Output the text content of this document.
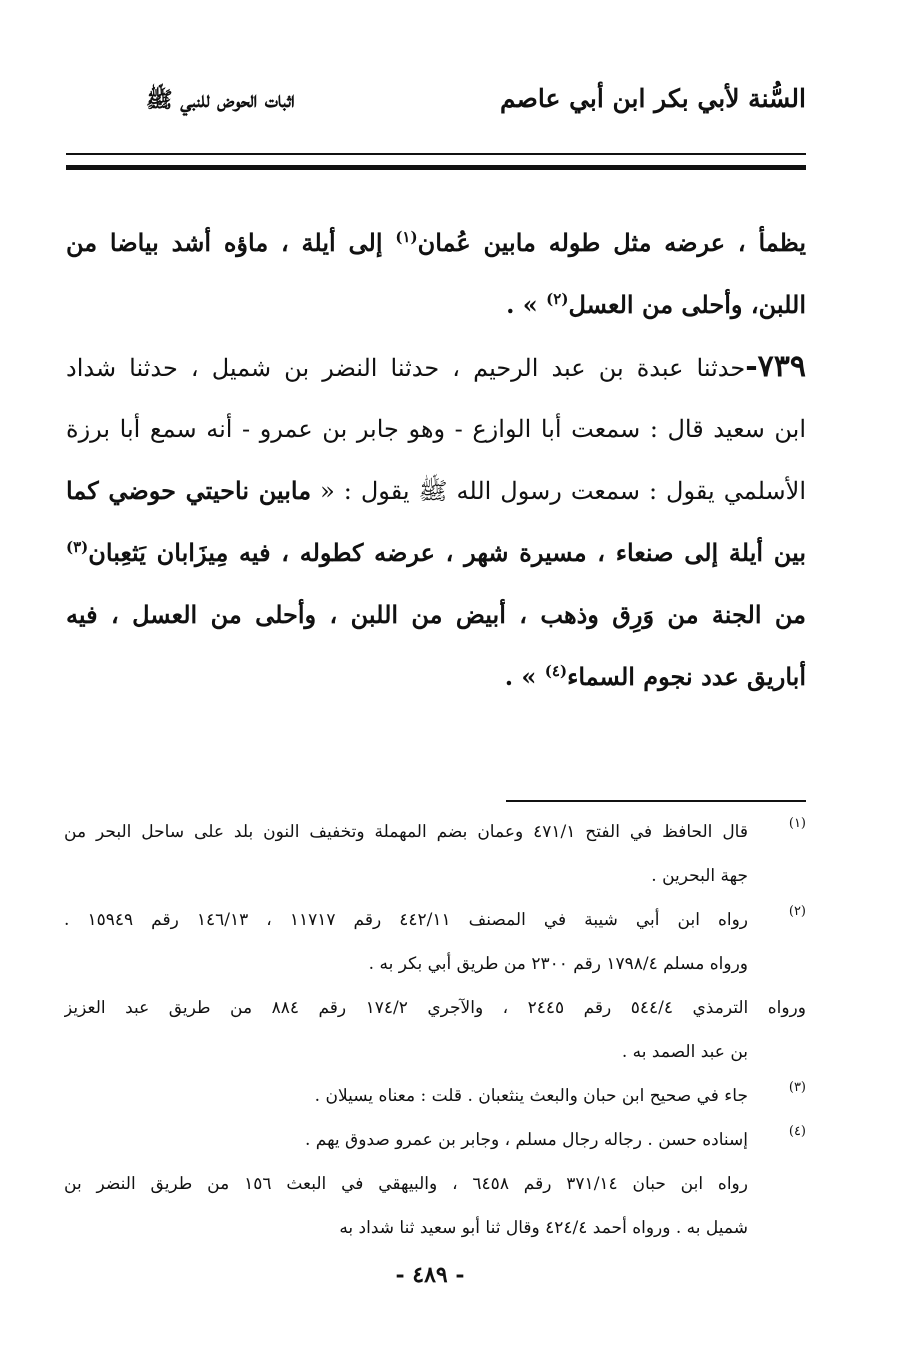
السُّنة لأبي بكر ابن أبي عاصم
اثبات الحوض للنبي ﷺ
يظمأ ، عرضه مثل طوله مابين عُمان$^{(١)}$ إلى أيلة ، ماؤه أشد بياضا من
اللبن، وأحلى من العسل$^{(٢)}$ » .
٧٣٩-حدثنا عبدة بن عبد الرحيم ، حدثنا النضر بن شميل ، حدثنا شداد
ابن سعيد قال : سمعت أبا الوازع - وهو جابر بن عمرو - أنه سمع أبا برزة
الأسلمي يقول : سمعت رسول الله ﷺ يقول : « مابين ناحيتي حوضي كما
بين أيلة إلى صنعاء ، مسيرة شهر ، عرضه كطوله ، فيه مِيزَابان يَثعِبان$^{(٣)}$
من الجنة من وَرِق وذهب ، أبيض من اللبن ، وأحلى من العسل ، فيه
أباريق عدد نجوم السماء$^{(٤)}$ » .
(١)
قال الحافظ في الفتح ٤٧١/١ وعمان بضم المهملة وتخفيف النون بلد على ساحل البحر من
جهة البحرين .
(٢)
رواه ابن أبي شيبة في المصنف ٤٤٢/١١ رقم ١١٧١٧ ، ١٤٦/١٣ رقم ١٥٩٤٩ .
ورواه مسلم ١٧٩٨/٤ رقم ٢٣٠٠ من طريق أبي بكر به .
ورواه الترمذي ٥٤٤/٤ رقم ٢٤٤٥ ، والآجري ١٧٤/٢ رقم ٨٨٤ من طريق عبد العزيز
بن عبد الصمد به .
(٣)
جاء في صحيح ابن حبان والبعث ينثعبان . قلت : معناه يسيلان .
(٤)
إسناده حسن . رجاله رجال مسلم ، وجابر بن عمرو صدوق يهم .
رواه ابن حبان ٣٧١/١٤ رقم ٦٤٥٨ ، والبيهقي في البعث ١٥٦ من طريق النضر بن
شميل به . ورواه أحمد ٤٢٤/٤ وقال ثنا أبو سعيد ثنا شداد به
- ٤٨٩ -
